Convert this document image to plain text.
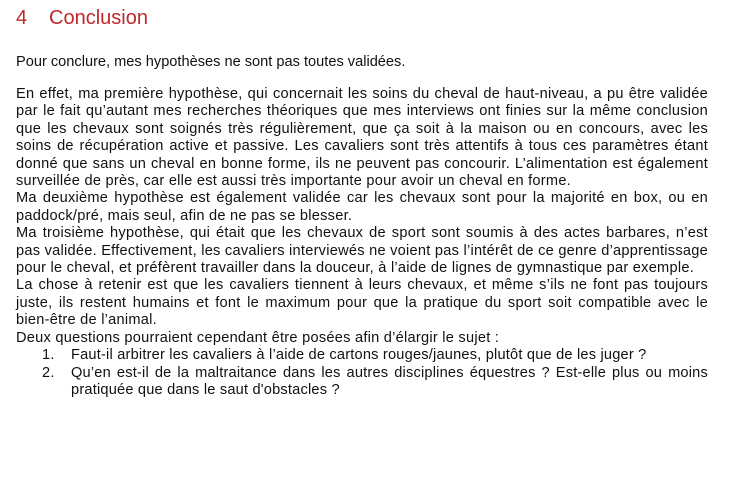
4	Conclusion
Pour conclure, mes hypothèses ne sont pas toutes validées.

En effet, ma première hypothèse, qui concernait les soins du cheval de haut-niveau, a pu être validée par le fait qu’autant mes recherches théoriques que mes interviews ont finies sur la même conclusion que les chevaux sont soignés très régulièrement, que ça soit à la maison ou en concours, avec les soins de récupération active et passive. Les cavaliers sont très attentifs à tous ces paramètres étant donné que sans un cheval en bonne forme, ils ne peuvent pas concourir. L’alimentation est également surveillée de près, car elle est aussi très importante pour avoir un cheval en forme.

Ma deuxième hypothèse est également validée car les chevaux sont pour la majorité en box, ou en paddock/pré, mais seul, afin de ne pas se blesser.

Ma troisième hypothèse, qui était que les chevaux de sport sont soumis à des actes barbares, n’est pas validée. Effectivement, les cavaliers interviewés ne voient pas l’intérêt de ce genre d’apprentissage pour le cheval, et préfèrent travailler dans la douceur, à l’aide de lignes de gymnastique par exemple.

La chose à retenir est que les cavaliers tiennent à leurs chevaux, et même s’ils ne font pas toujours juste, ils restent humains et font le maximum pour que la pratique du sport soit compatible avec le bien-être de l’animal.

Deux questions pourraient cependant être posées afin d’élargir le sujet :

1.	Faut-il arbitrer les cavaliers à l’aide de cartons rouges/jaunes, plutôt que de les juger ?
2.	Qu’en est-il de la maltraitance dans les autres disciplines équestres ? Est-elle plus ou moins pratiquée que dans le saut d'obstacles ?
